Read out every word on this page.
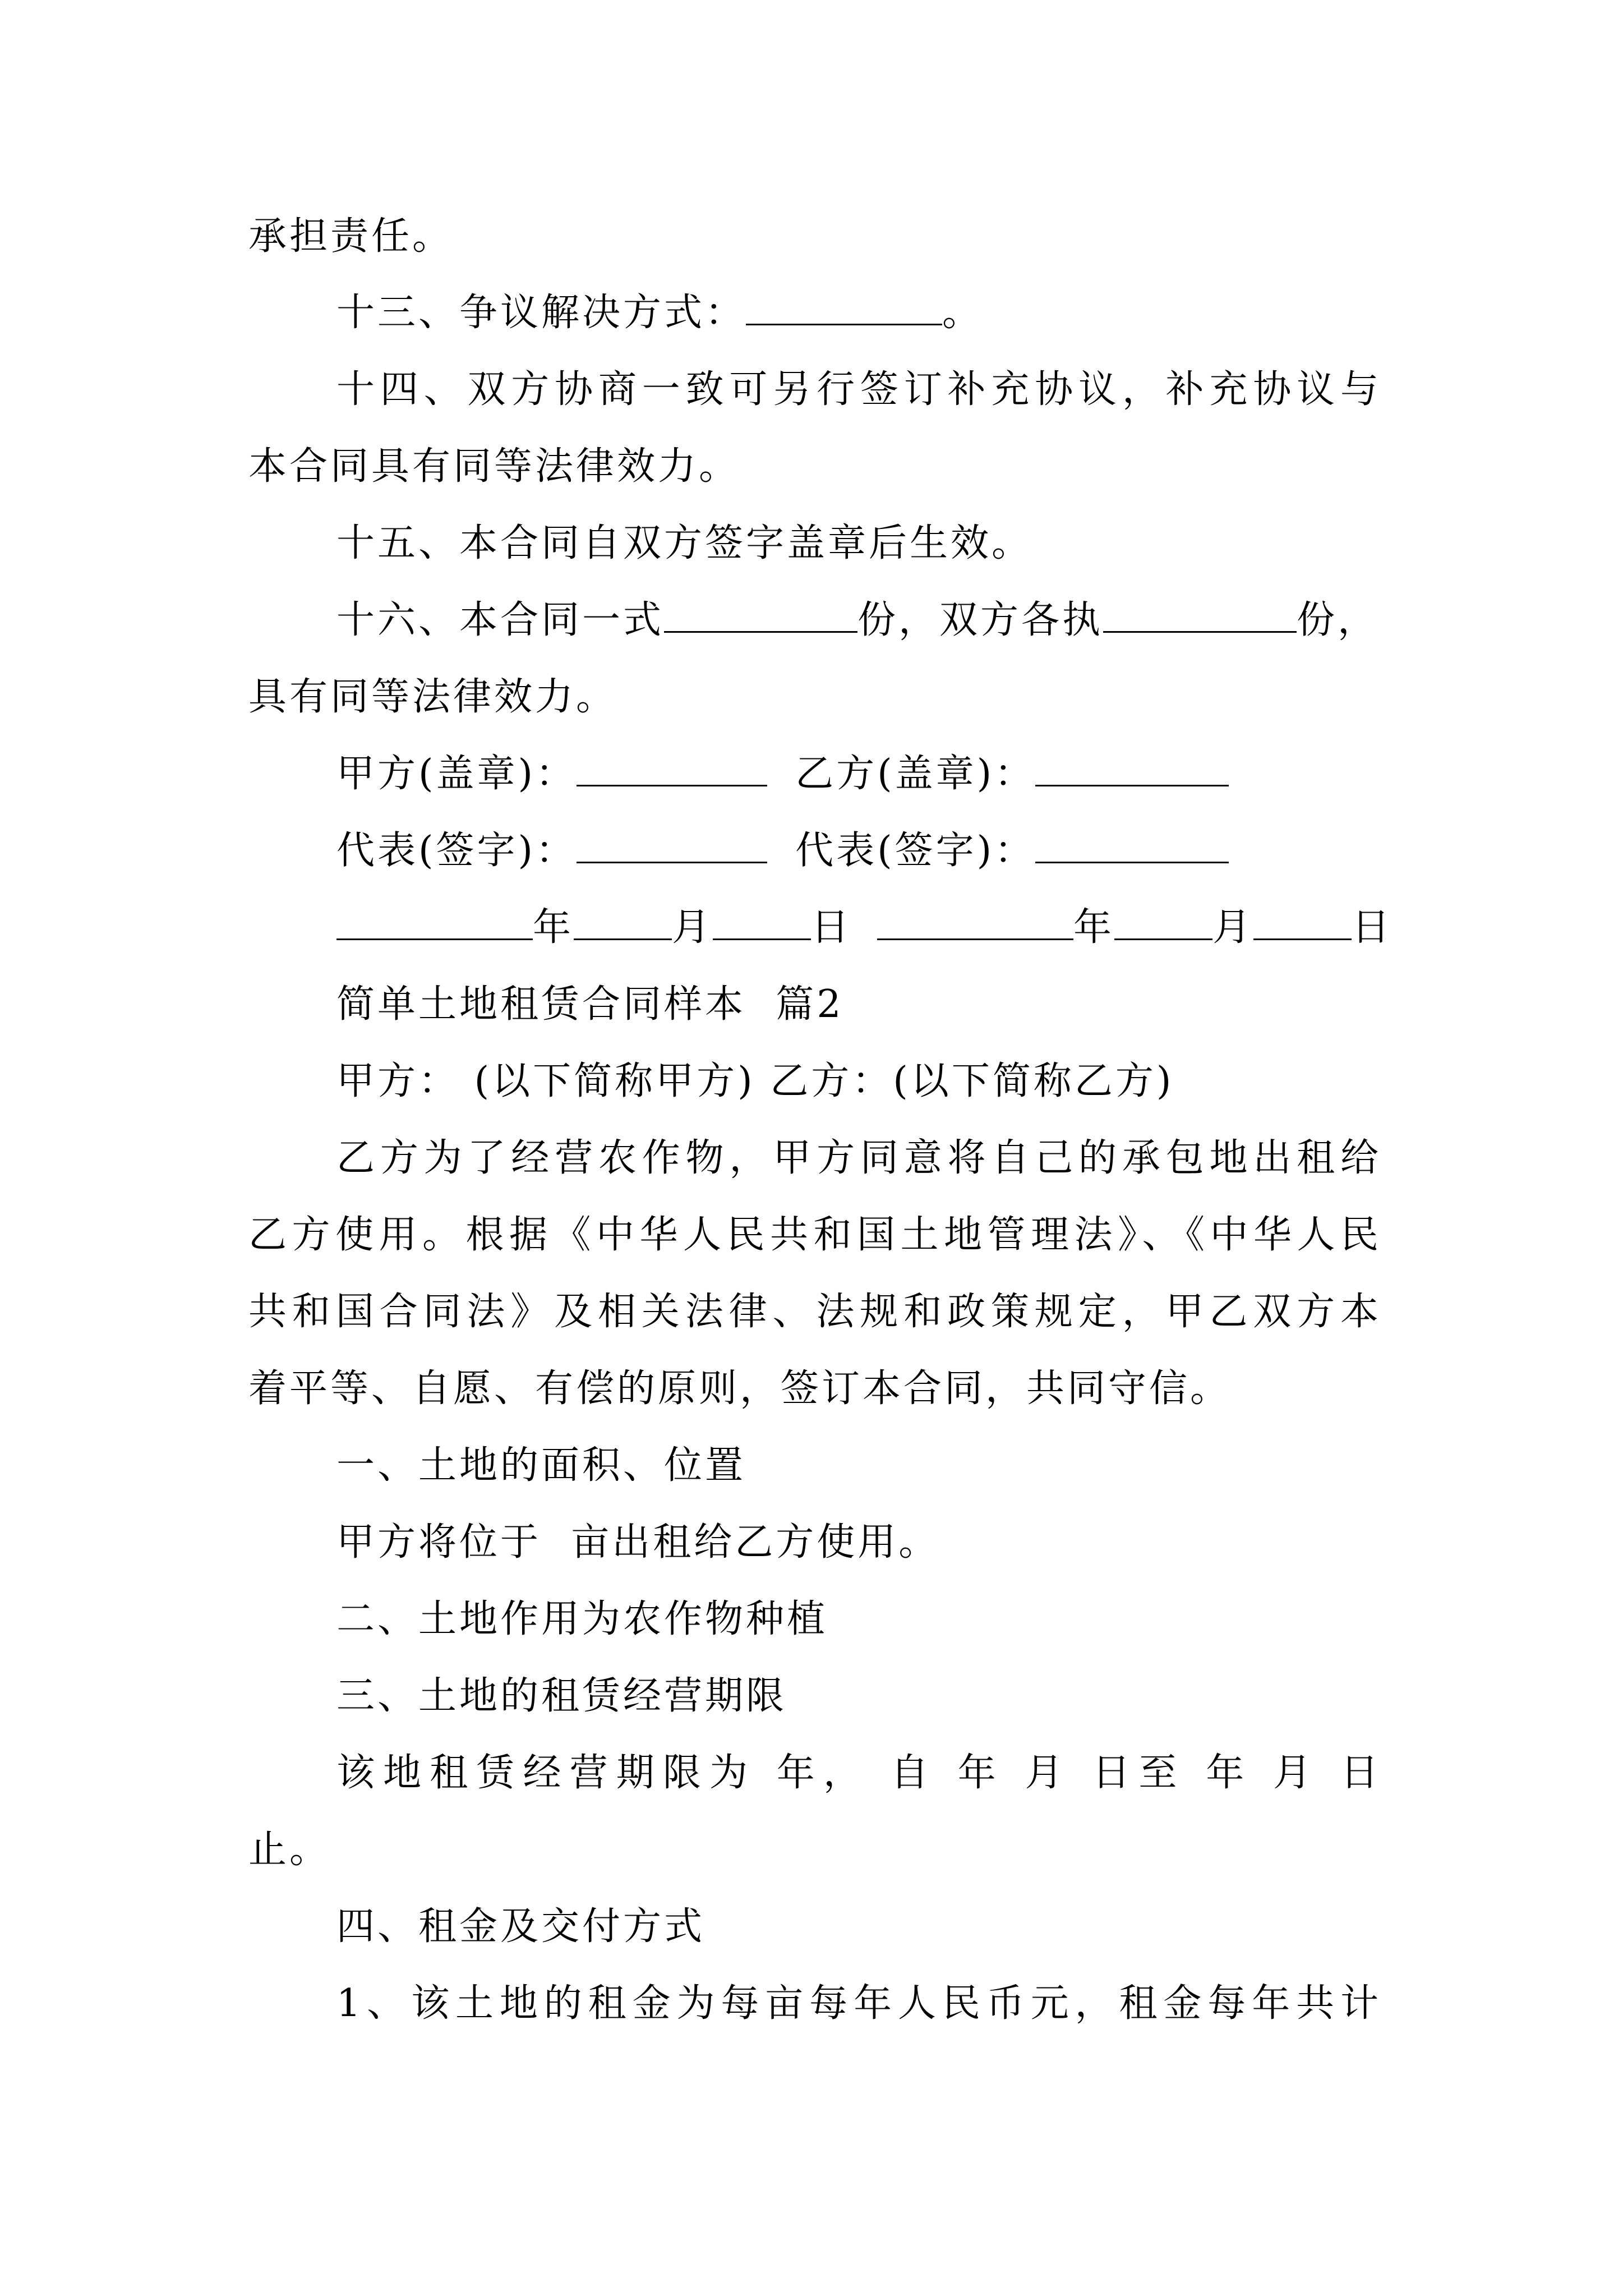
承担责任。
十三、争议解决方式：	。
十四、双方协商一致可另行签订补充协议，补充协议与
本合同具有同等法律效力。
十五、本合同自双方签字盖章后生效。
十六、本合同一式	份，双方各执	份，
具有同等法律效力。
甲方(盖章)：	乙方(盖章)：
代表(签字)：	代表(签字)：
年	月	日	年	月	日
简单土地租赁合同样本  篇2
甲方： (以下简称甲方) 乙方：(以下简称乙方)
乙方为了经营农作物，甲方同意将自己的承包地出租给
乙方使用。根据《中华人民共和国土地管理法》、《中华人民
共和国合同法》及相关法律、法规和政策规定，甲乙双方本
着平等、自愿、有偿的原则，签订本合同，共同守信。
一、土地的面积、位置
甲方将位于  亩出租给乙方使用。
二、土地作用为农作物种植
三、土地的租赁经营期限
该地租赁经营期限为 年， 自 年 月 日至 年 月 日
止。
四、租金及交付方式
1、该土地的租金为每亩每年人民币元，租金每年共计
